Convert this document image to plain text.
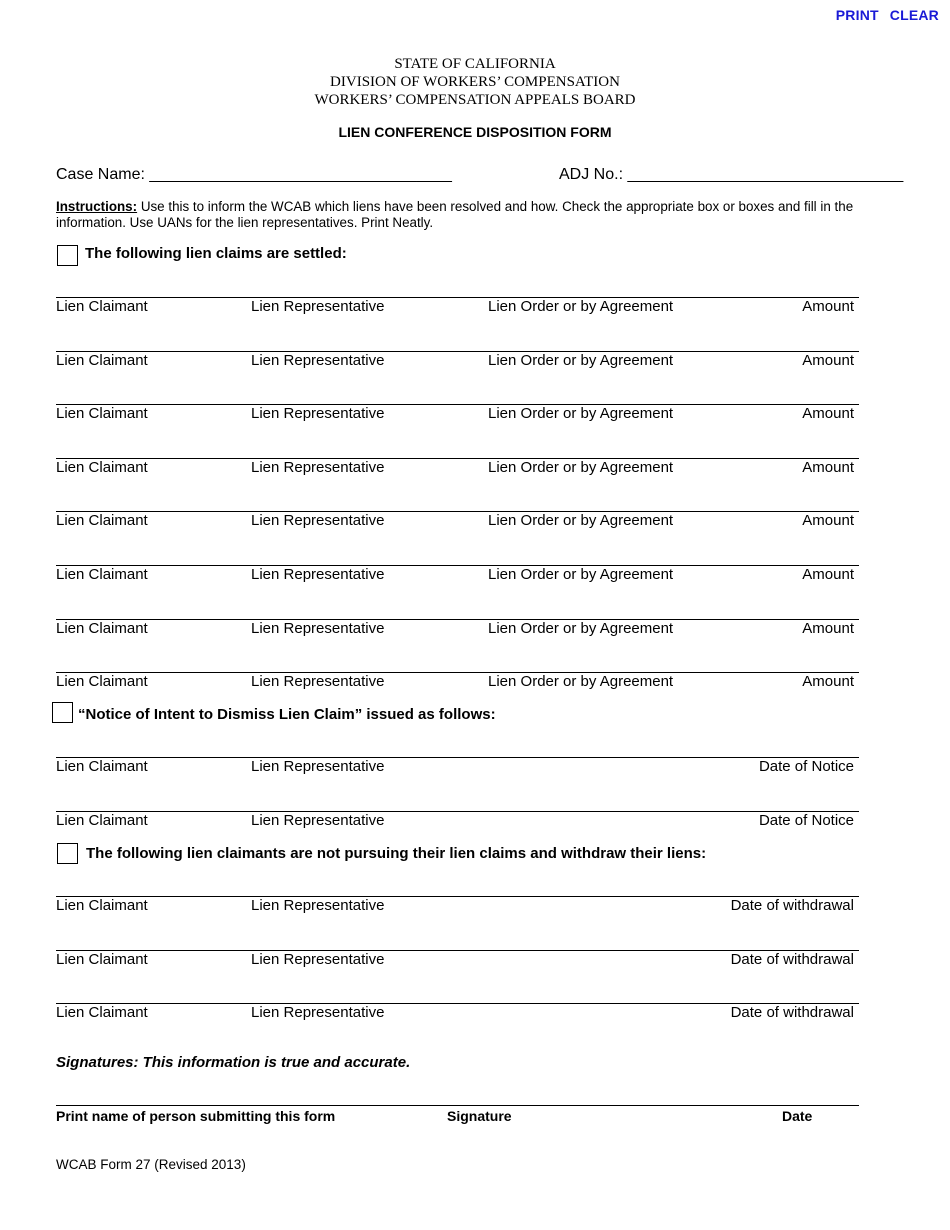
PRINT CLEAR
STATE OF CALIFORNIA
DIVISION OF WORKERS’ COMPENSATION
WORKERS’ COMPENSATION APPEALS BOARD
LIEN CONFERENCE DISPOSITION FORM
Case Name: __________________________________	ADJ No.: _______________________________
Instructions: Use this to inform the WCAB which liens have been resolved and how. Check the appropriate box or boxes and fill in the information. Use UANs for the lien representatives. Print Neatly.
The following lien claims are settled:
Lien Claimant	Lien Representative	Lien Order or by Agreement	Amount
Lien Claimant	Lien Representative	Lien Order or by Agreement	Amount
Lien Claimant	Lien Representative	Lien Order or by Agreement	Amount
Lien Claimant	Lien Representative	Lien Order or by Agreement	Amount
Lien Claimant	Lien Representative	Lien Order or by Agreement	Amount
Lien Claimant	Lien Representative	Lien Order or by Agreement	Amount
Lien Claimant	Lien Representative	Lien Order or by Agreement	Amount
Lien Claimant	Lien Representative	Lien Order or by Agreement	Amount
“Notice of Intent to Dismiss Lien Claim” issued as follows:
Lien Claimant	Lien Representative	Date of Notice
Lien Claimant	Lien Representative	Date of Notice
The following lien claimants are not pursuing their lien claims and withdraw their liens:
Lien Claimant	Lien Representative	Date of withdrawal
Lien Claimant	Lien Representative	Date of withdrawal
Lien Claimant	Lien Representative	Date of withdrawal
Signatures: This information is true and accurate.
Print name of person submitting this form	Signature	Date
WCAB Form 27 (Revised 2013)
